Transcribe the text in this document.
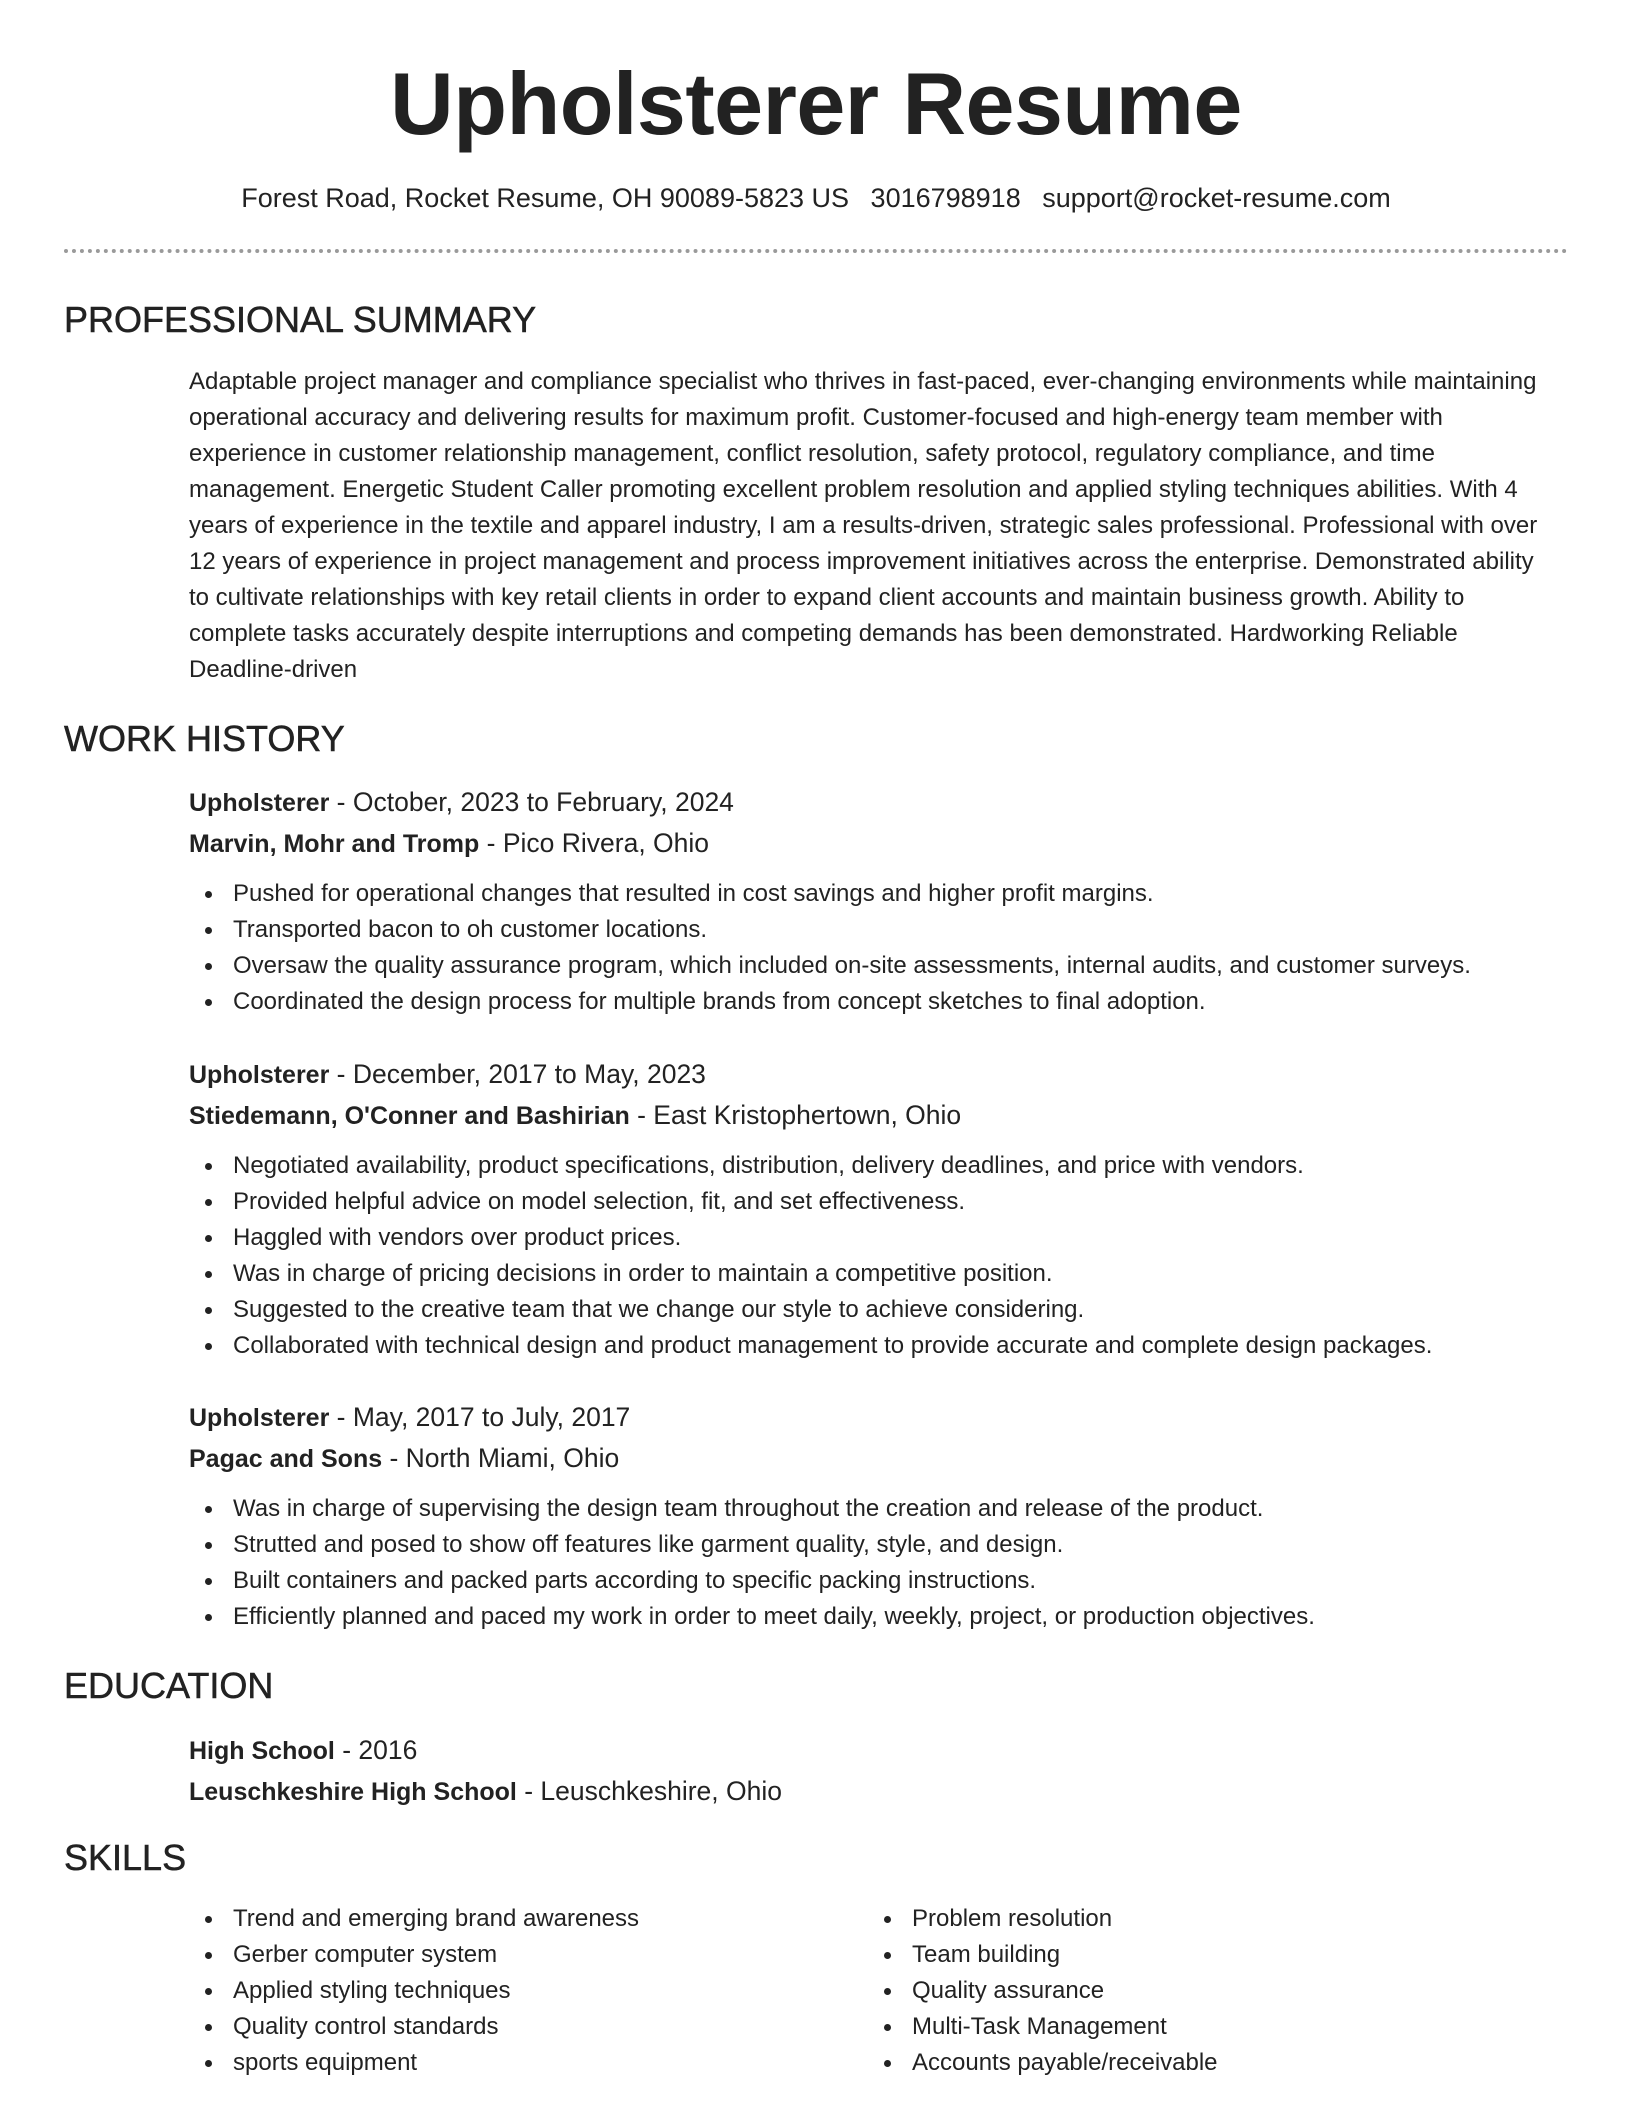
Upholsterer Resume
Forest Road, Rocket Resume, OH 90089-5823 US 3016798918 support@rocket-resume.com
PROFESSIONAL SUMMARY

Adaptable project manager and compliance specialist who thrives in fast-paced, ever-changing environments while maintaining operational accuracy and delivering results for maximum profit. Customer-focused and high-energy team member with experience in customer relationship management, conflict resolution, safety protocol, regulatory compliance, and time management. Energetic Student Caller promoting excellent problem resolution and applied styling techniques abilities. With 4 years of experience in the textile and apparel industry, I am a results-driven, strategic sales professional. Professional with over 12 years of experience in project management and process improvement initiatives across the enterprise. Demonstrated ability to cultivate relationships with key retail clients in order to expand client accounts and maintain business growth. Ability to complete tasks accurately despite interruptions and competing demands has been demonstrated. Hardworking Reliable Deadline-driven

WORK HISTORY
Upholsterer - October, 2023 to February, 2024
Marvin, Mohr and Tromp - Pico Rivera, Ohio
Pushed for operational changes that resulted in cost savings and higher profit margins.
Transported bacon to oh customer locations.
Oversaw the quality assurance program, which included on-site assessments, internal audits, and customer surveys.
Coordinated the design process for multiple brands from concept sketches to final adoption.
Upholsterer - December, 2017 to May, 2023
Stiedemann, O'Conner and Bashirian - East Kristophertown, Ohio
Negotiated availability, product specifications, distribution, delivery deadlines, and price with vendors.
Provided helpful advice on model selection, fit, and set effectiveness.
Haggled with vendors over product prices.
Was in charge of pricing decisions in order to maintain a competitive position.
Suggested to the creative team that we change our style to achieve considering.
Collaborated with technical design and product management to provide accurate and complete design packages.
Upholsterer - May, 2017 to July, 2017
Pagac and Sons - North Miami, Ohio
Was in charge of supervising the design team throughout the creation and release of the product.
Strutted and posed to show off features like garment quality, style, and design.
Built containers and packed parts according to specific packing instructions.
Efficiently planned and paced my work in order to meet daily, weekly, project, or production objectives.
EDUCATION
High School - 2016
Leuschkeshire High School - Leuschkeshire, Ohio
SKILLS
Trend and emerging brand awareness
Gerber computer system
Applied styling techniques
Quality control standards
sports equipment
Problem resolution
Team building
Quality assurance
Multi-Task Management
Accounts payable/receivable
